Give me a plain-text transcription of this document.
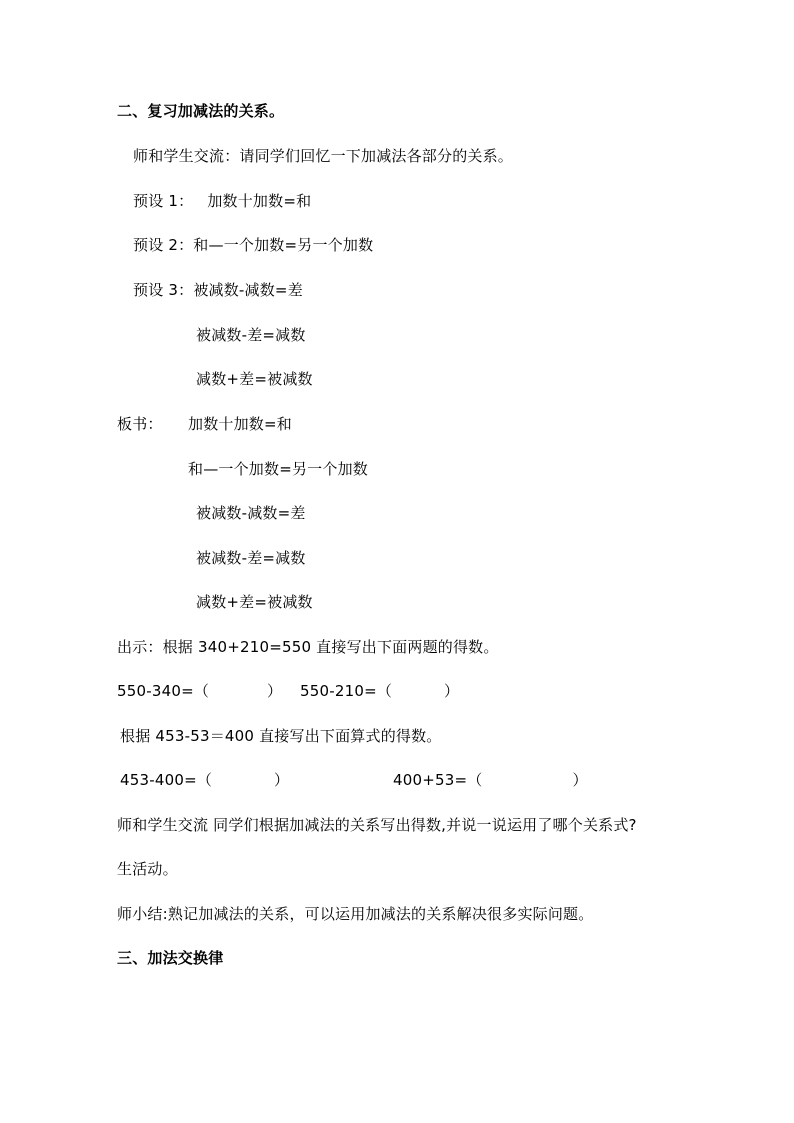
二、复习加减法的关系。
师和学生交流：请同学们回忆一下加减法各部分的关系。
预设 1： 加数十加数=和
预设 2：和—一个加数=另一个加数
预设 3：被减数-减数=差
被减数-差=减数
减数+差=被减数
板书： 加数十加数=和
和—一个加数=另一个加数
被减数-减数=差
被减数-差=减数
减数+差=被减数
出示：根据 340+210=550 直接写出下面两题的得数。
550-340=（	） 550-210=（	）
根据 453-53＝400 直接写出下面算式的得数。
453-400=（	）	400+53=（	）
师和学生交流 同学们根据加减法的关系写出得数,并说一说运用了哪个关系式?
生活动。
师小结:熟记加减法的关系，可以运用加减法的关系解决很多实际问题。
三、加法交换律
